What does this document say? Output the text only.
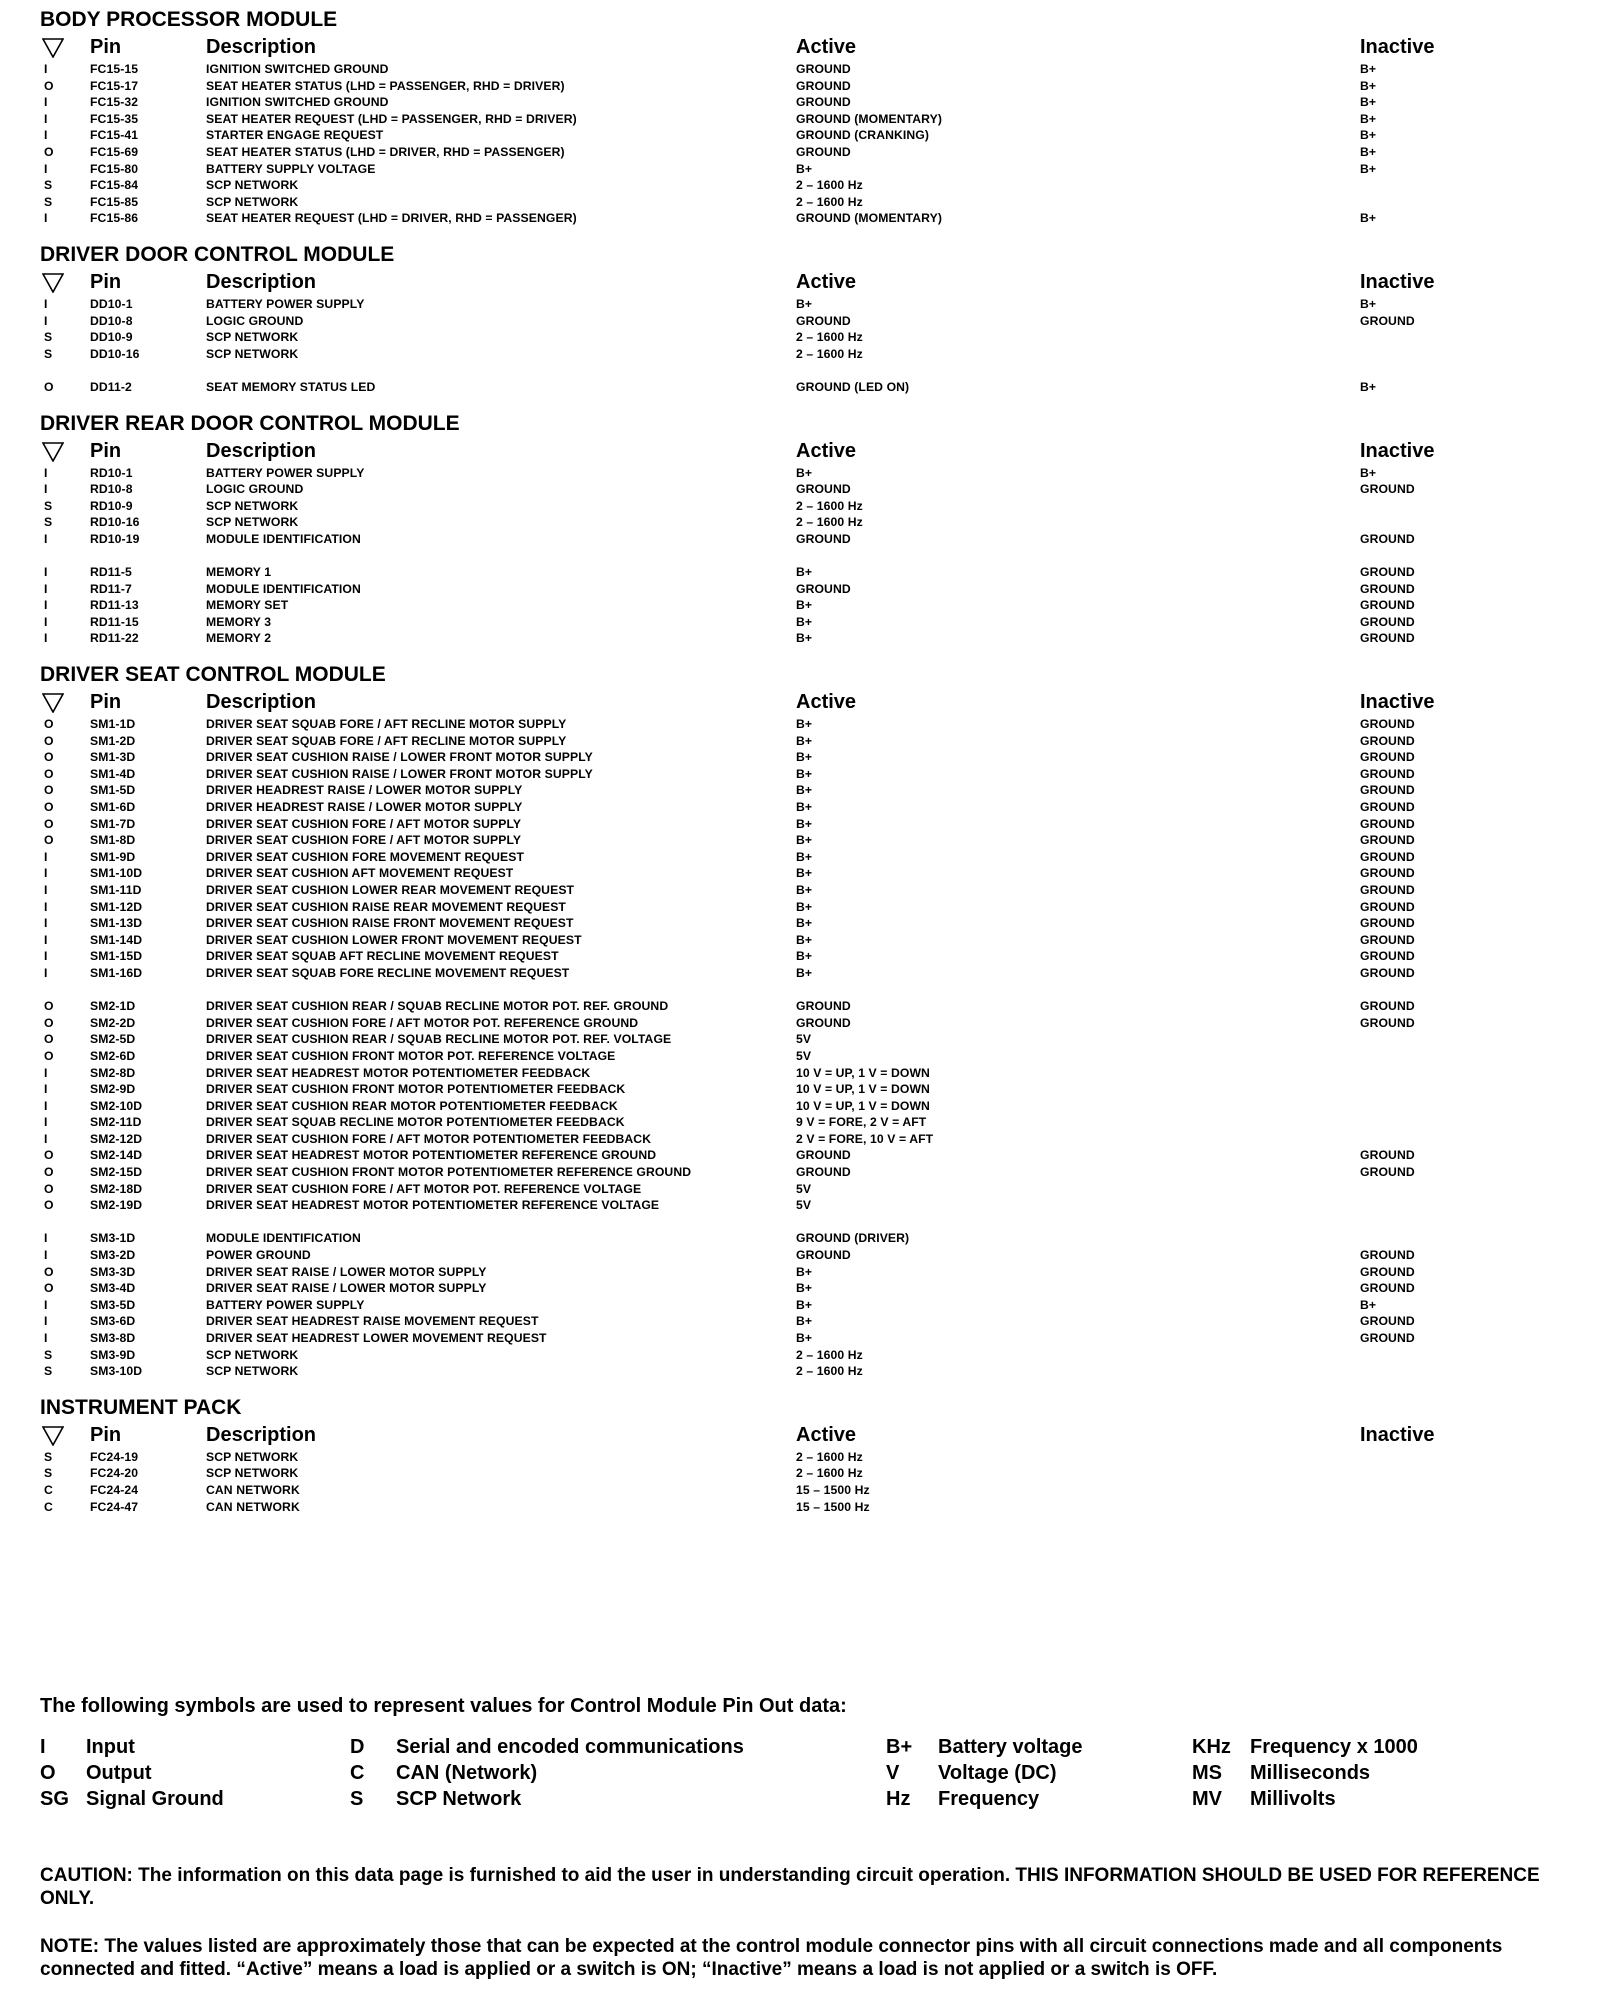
BODY PROCESSOR MODULE
Pin	Description	Active	Inactive
I	FC15-15	IGNITION SWITCHED GROUND	GROUND	B+
O	FC15-17	SEAT HEATER STATUS (LHD = PASSENGER, RHD = DRIVER)	GROUND	B+
I	FC15-32	IGNITION SWITCHED GROUND	GROUND	B+
I	FC15-35	SEAT HEATER REQUEST (LHD = PASSENGER, RHD = DRIVER)	GROUND (MOMENTARY)	B+
I	FC15-41	STARTER ENGAGE REQUEST	GROUND (CRANKING)	B+
O	FC15-69	SEAT HEATER STATUS (LHD = DRIVER, RHD = PASSENGER)	GROUND	B+
I	FC15-80	BATTERY SUPPLY VOLTAGE	B+	B+
S	FC15-84	SCP NETWORK	2 – 1600 Hz
S	FC15-85	SCP NETWORK	2 – 1600 Hz
I	FC15-86	SEAT HEATER REQUEST (LHD = DRIVER, RHD = PASSENGER)	GROUND (MOMENTARY)	B+
DRIVER DOOR CONTROL MODULE
Pin	Description	Active	Inactive
I	DD10-1	BATTERY POWER SUPPLY	B+	B+
I	DD10-8	LOGIC GROUND	GROUND	GROUND
S	DD10-9	SCP NETWORK	2 – 1600 Hz
S	DD10-16	SCP NETWORK	2 – 1600 Hz
O	DD11-2	SEAT MEMORY STATUS LED	GROUND (LED ON)	B+
DRIVER REAR DOOR CONTROL MODULE
Pin	Description	Active	Inactive
I	RD10-1	BATTERY POWER SUPPLY	B+	B+
I	RD10-8	LOGIC GROUND	GROUND	GROUND
S	RD10-9	SCP NETWORK	2 – 1600 Hz
S	RD10-16	SCP NETWORK	2 – 1600 Hz
I	RD10-19	MODULE IDENTIFICATION	GROUND	GROUND
I	RD11-5	MEMORY 1	B+	GROUND
I	RD11-7	MODULE IDENTIFICATION	GROUND	GROUND
I	RD11-13	MEMORY SET	B+	GROUND
I	RD11-15	MEMORY 3	B+	GROUND
I	RD11-22	MEMORY 2	B+	GROUND
DRIVER SEAT CONTROL MODULE
Pin	Description	Active	Inactive
O	SM1-1D	DRIVER SEAT SQUAB FORE / AFT RECLINE MOTOR SUPPLY	B+	GROUND
O	SM1-2D	DRIVER SEAT SQUAB FORE / AFT RECLINE MOTOR SUPPLY	B+	GROUND
O	SM1-3D	DRIVER SEAT CUSHION RAISE / LOWER FRONT MOTOR SUPPLY	B+	GROUND
O	SM1-4D	DRIVER SEAT CUSHION RAISE / LOWER FRONT MOTOR SUPPLY	B+	GROUND
O	SM1-5D	DRIVER HEADREST RAISE / LOWER MOTOR SUPPLY	B+	GROUND
O	SM1-6D	DRIVER HEADREST RAISE / LOWER MOTOR SUPPLY	B+	GROUND
O	SM1-7D	DRIVER SEAT CUSHION FORE / AFT MOTOR SUPPLY	B+	GROUND
O	SM1-8D	DRIVER SEAT CUSHION FORE / AFT MOTOR SUPPLY	B+	GROUND
I	SM1-9D	DRIVER SEAT CUSHION FORE MOVEMENT REQUEST	B+	GROUND
I	SM1-10D	DRIVER SEAT CUSHION AFT MOVEMENT REQUEST	B+	GROUND
I	SM1-11D	DRIVER SEAT CUSHION LOWER REAR MOVEMENT REQUEST	B+	GROUND
I	SM1-12D	DRIVER SEAT CUSHION RAISE REAR MOVEMENT REQUEST	B+	GROUND
I	SM1-13D	DRIVER SEAT CUSHION RAISE FRONT MOVEMENT REQUEST	B+	GROUND
I	SM1-14D	DRIVER SEAT CUSHION LOWER FRONT MOVEMENT REQUEST	B+	GROUND
I	SM1-15D	DRIVER SEAT SQUAB AFT RECLINE MOVEMENT REQUEST	B+	GROUND
I	SM1-16D	DRIVER SEAT SQUAB FORE RECLINE MOVEMENT REQUEST	B+	GROUND
O	SM2-1D	DRIVER SEAT CUSHION REAR / SQUAB RECLINE MOTOR POT. REF. GROUND	GROUND	GROUND
O	SM2-2D	DRIVER SEAT CUSHION FORE / AFT MOTOR POT. REFERENCE GROUND	GROUND	GROUND
O	SM2-5D	DRIVER SEAT CUSHION REAR / SQUAB RECLINE MOTOR POT. REF. VOLTAGE	5V
O	SM2-6D	DRIVER SEAT CUSHION FRONT MOTOR POT. REFERENCE VOLTAGE	5V
I	SM2-8D	DRIVER SEAT HEADREST MOTOR POTENTIOMETER FEEDBACK	10 V = UP, 1 V = DOWN
I	SM2-9D	DRIVER SEAT CUSHION FRONT MOTOR POTENTIOMETER FEEDBACK	10 V = UP, 1 V = DOWN
I	SM2-10D	DRIVER SEAT CUSHION REAR MOTOR POTENTIOMETER FEEDBACK	10 V = UP, 1 V = DOWN
I	SM2-11D	DRIVER SEAT SQUAB RECLINE MOTOR POTENTIOMETER FEEDBACK	9 V = FORE, 2 V = AFT
I	SM2-12D	DRIVER SEAT CUSHION FORE / AFT MOTOR POTENTIOMETER FEEDBACK	2 V = FORE, 10 V = AFT
O	SM2-14D	DRIVER SEAT HEADREST MOTOR POTENTIOMETER REFERENCE GROUND	GROUND	GROUND
O	SM2-15D	DRIVER SEAT CUSHION FRONT MOTOR POTENTIOMETER REFERENCE GROUND	GROUND	GROUND
O	SM2-18D	DRIVER SEAT CUSHION FORE / AFT MOTOR POT. REFERENCE VOLTAGE	5V
O	SM2-19D	DRIVER SEAT HEADREST MOTOR POTENTIOMETER REFERENCE VOLTAGE	5V
I	SM3-1D	MODULE IDENTIFICATION	GROUND (DRIVER)
I	SM3-2D	POWER GROUND	GROUND	GROUND
O	SM3-3D	DRIVER SEAT RAISE / LOWER MOTOR SUPPLY	B+	GROUND
O	SM3-4D	DRIVER SEAT RAISE / LOWER MOTOR SUPPLY	B+	GROUND
I	SM3-5D	BATTERY POWER SUPPLY	B+	B+
I	SM3-6D	DRIVER SEAT HEADREST RAISE MOVEMENT REQUEST	B+	GROUND
I	SM3-8D	DRIVER SEAT HEADREST LOWER MOVEMENT REQUEST	B+	GROUND
S	SM3-9D	SCP NETWORK	2 – 1600 Hz
S	SM3-10D	SCP NETWORK	2 – 1600 Hz
INSTRUMENT PACK
Pin	Description	Active	Inactive
S	FC24-19	SCP NETWORK	2 – 1600 Hz
S	FC24-20	SCP NETWORK	2 – 1600 Hz
C	FC24-24	CAN NETWORK	15 – 1500 Hz
C	FC24-47	CAN NETWORK	15 – 1500 Hz
The following symbols are used to represent values for Control Module Pin Out data:
I Input
O Output
SG Signal Ground
D Serial and encoded communications
C CAN (Network)
S SCP Network
B+ Battery voltage
V Voltage (DC)
Hz Frequency
KHz Frequency x 1000
MS Milliseconds
MV Millivolts
CAUTION: The information on this data page is furnished to aid the user in understanding circuit operation. THIS INFORMATION SHOULD BE USED FOR REFERENCE ONLY.
NOTE: The values listed are approximately those that can be expected at the control module connector pins with all circuit connections made and all components connected and fitted. “Active” means a load is applied or a switch is ON; “Inactive” means a load is not applied or a switch is OFF.
